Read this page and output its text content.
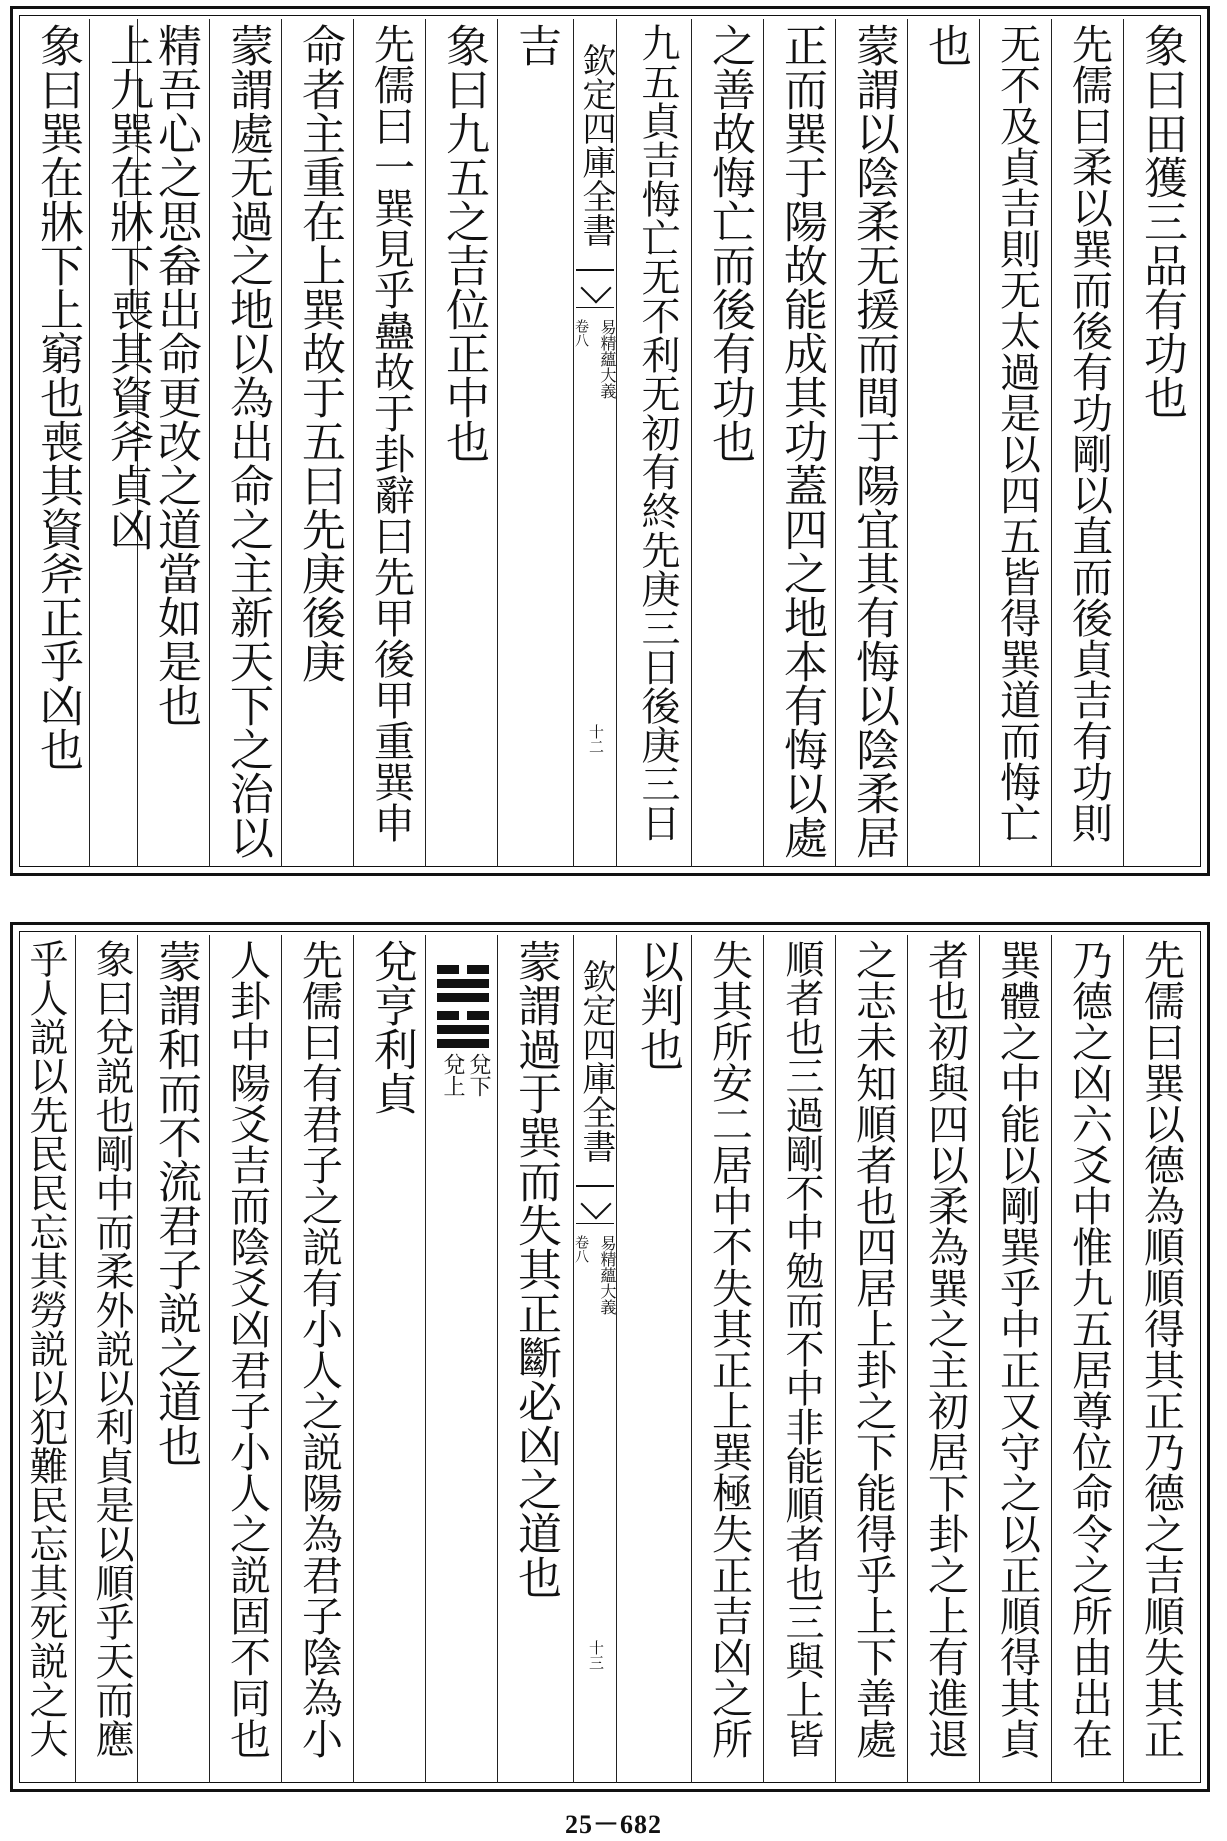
象曰田獲三品有功也
先儒曰柔以巽而後有功剛以直而後貞吉有功則
无不及貞吉則无太過是以四五皆得巽道而悔亡
也
蒙謂以陰柔无援而間于陽宜其有悔以陰柔居
正而巽于陽故能成其功蓋四之地本有悔以處
之善故悔亡而後有功也
九五貞吉悔亡无不利无初有終先庚三日後庚三日
欽定四庫全書
易精蘊大義
卷八
十二
吉
象曰九五之吉位正中也
先儒曰一巽見乎蠱故于卦辭曰先甲後甲重巽申
命者主重在上巽故于五曰先庚後庚
蒙謂處无過之地以為出命之主新天下之治以
精吾心之思畚出命更改之道當如是也
上九巽在牀下喪其資斧貞凶
象曰巽在牀下上窮也喪其資斧正乎凶也
先儒曰巽以德為順順得其正乃德之吉順失其正
乃德之凶六爻中惟九五居尊位命令之所由出在
巽體之中能以剛巽乎中正又守之以正順得其貞
者也初與四以柔為巽之主初居下卦之上有進退
之志未知順者也四居上卦之下能得乎上下善處
順者也三過剛不中勉而不中非能順者也三與上皆
失其所安二居中不失其正上巽極失正吉凶之所
以判也
欽定四庫全書
易精蘊大義
卷八
十三
蒙謂過于巽而失其正斷必凶之道也
兌下
兌上
兌亨利貞
先儒曰有君子之説有小人之説陽為君子陰為小
人卦中陽爻吉而陰爻凶君子小人之説固不同也
蒙謂和而不流君子説之道也
象曰兌説也剛中而柔外説以利貞是以順乎天而應
乎人説以先民民忘其勞説以犯難民忘其死説之大
25－682
